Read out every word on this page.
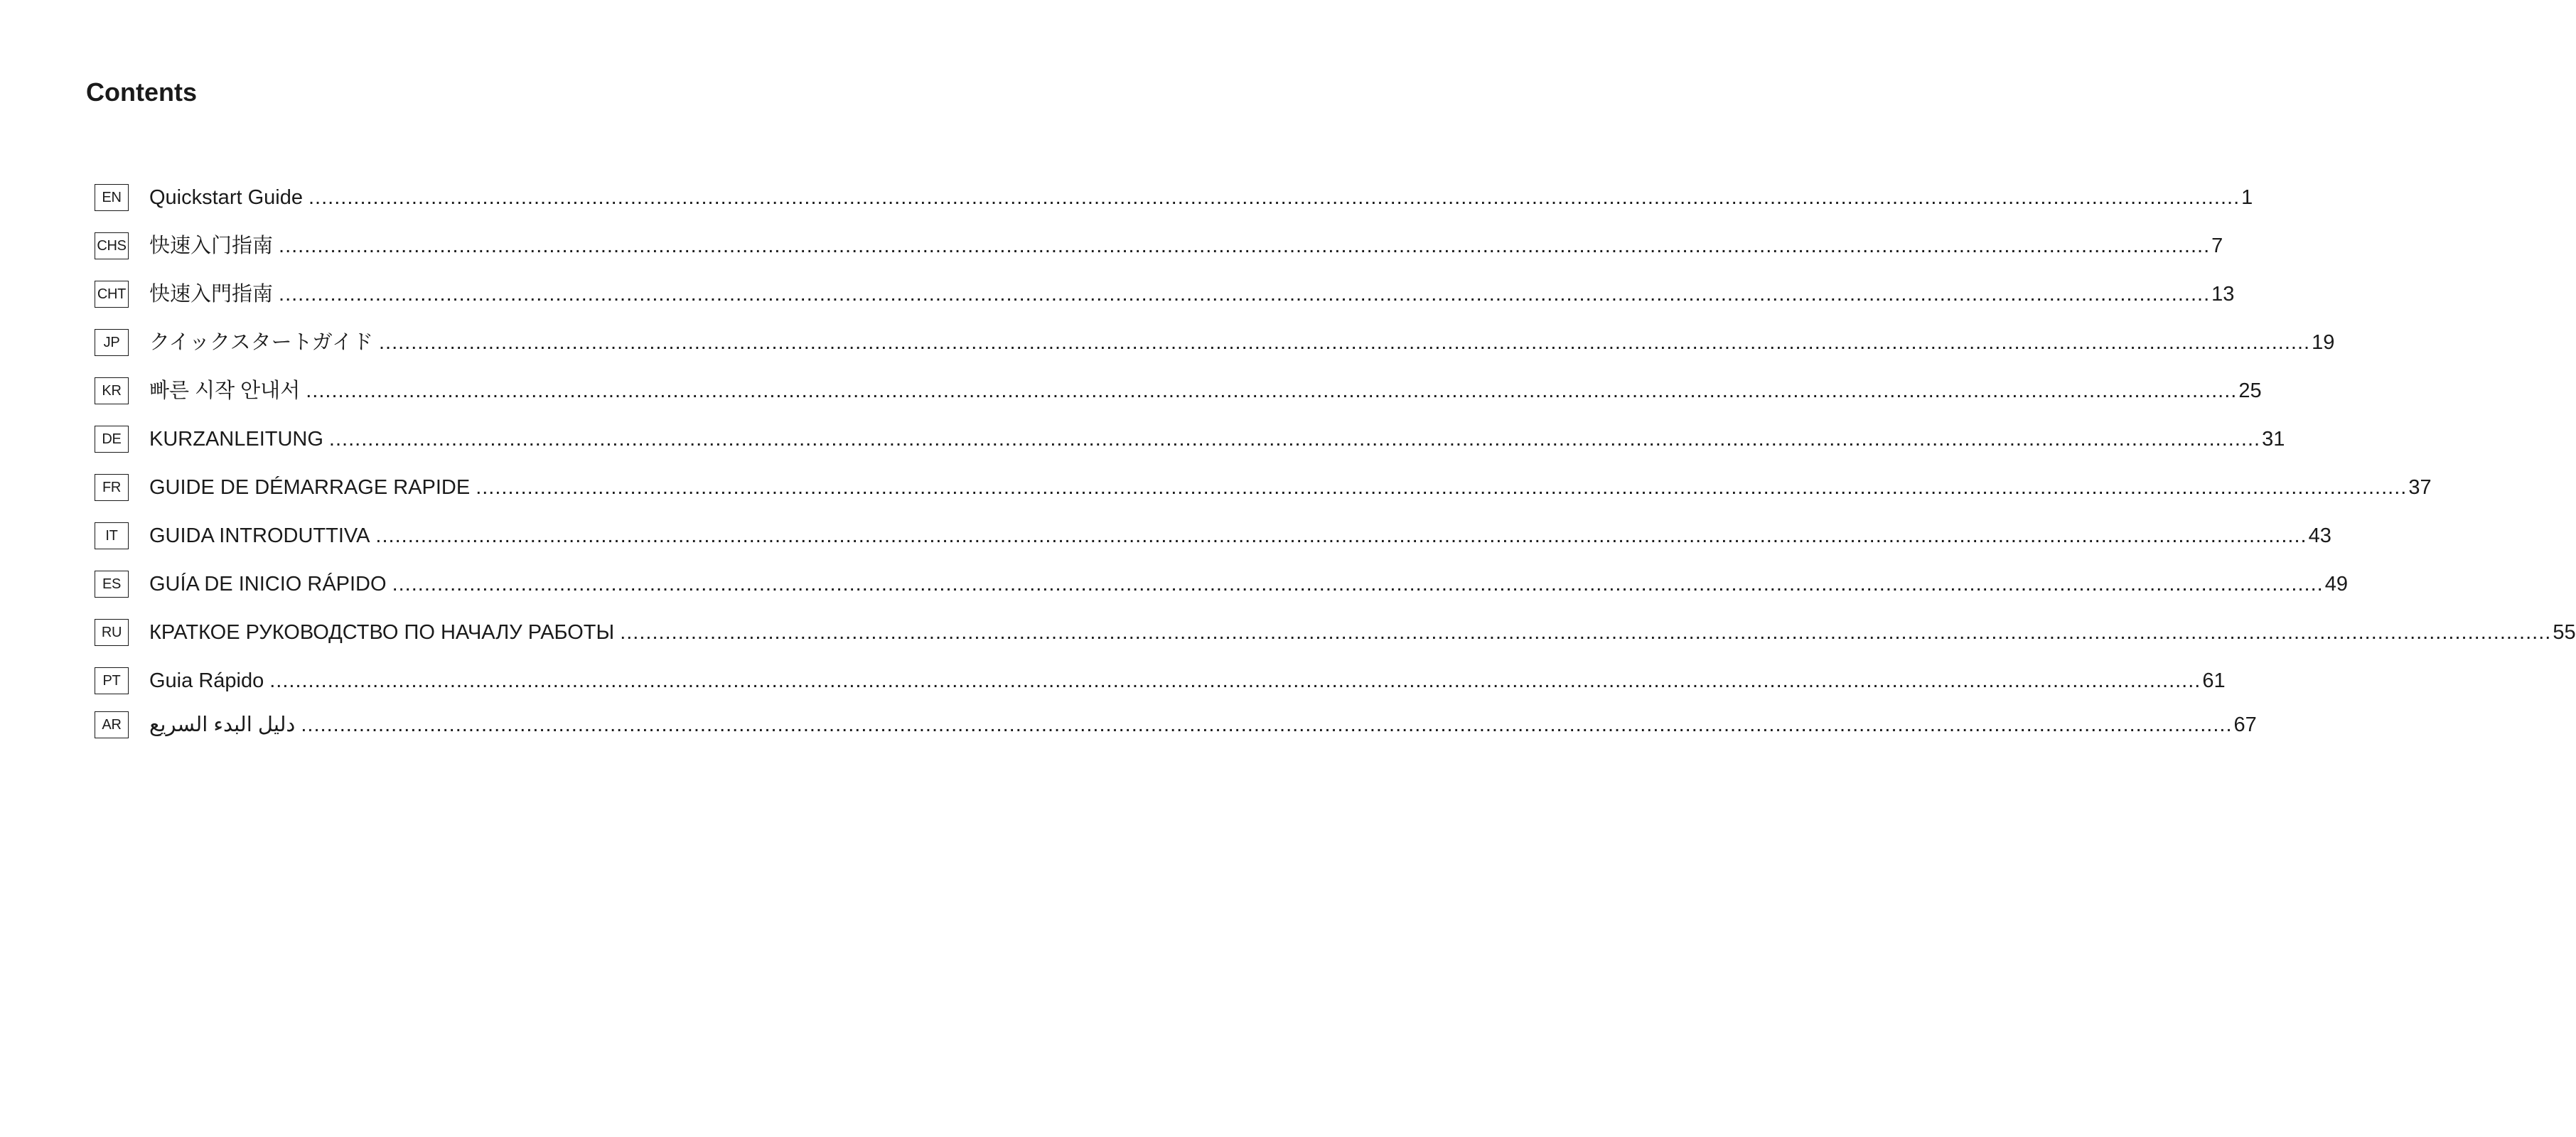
Contents
EN	Quickstart Guide ............................................................................................................................................................................................................................................................................................................ 1
CHS 快速入门指南 ............................................................................................................................................................................................................................................................................................................ 7
CHT 快速入門指南 ............................................................................................................................................................................................................................................................................................................ 13
JP	クイックスタートガイド ............................................................................................................................................................................................................................................................................................................ 19
KR	빠른 시작 안내서 ............................................................................................................................................................................................................................................................................................................ 25
DE	KURZANLEITUNG ............................................................................................................................................................................................................................................................................................................ 31
FR	GUIDE DE DÉMARRAGE RAPIDE ............................................................................................................................................................................................................................................................................................................ 37
IT	GUIDA INTRODUTTIVA ............................................................................................................................................................................................................................................................................................................ 43
ES	GUÍA DE INICIO RÁPIDO ............................................................................................................................................................................................................................................................................................................ 49
RU	КРАТКОЕ РУКОВОДСТВО ПО НАЧАЛУ РАБОТЫ ............................................................................................................................................................................................................................................................................................................ 55
PT	Guia Rápido ............................................................................................................................................................................................................................................................................................................ 61
AR	دليل البدء السريع ............................................................................................................................................................................................................................................................................................................ 67
